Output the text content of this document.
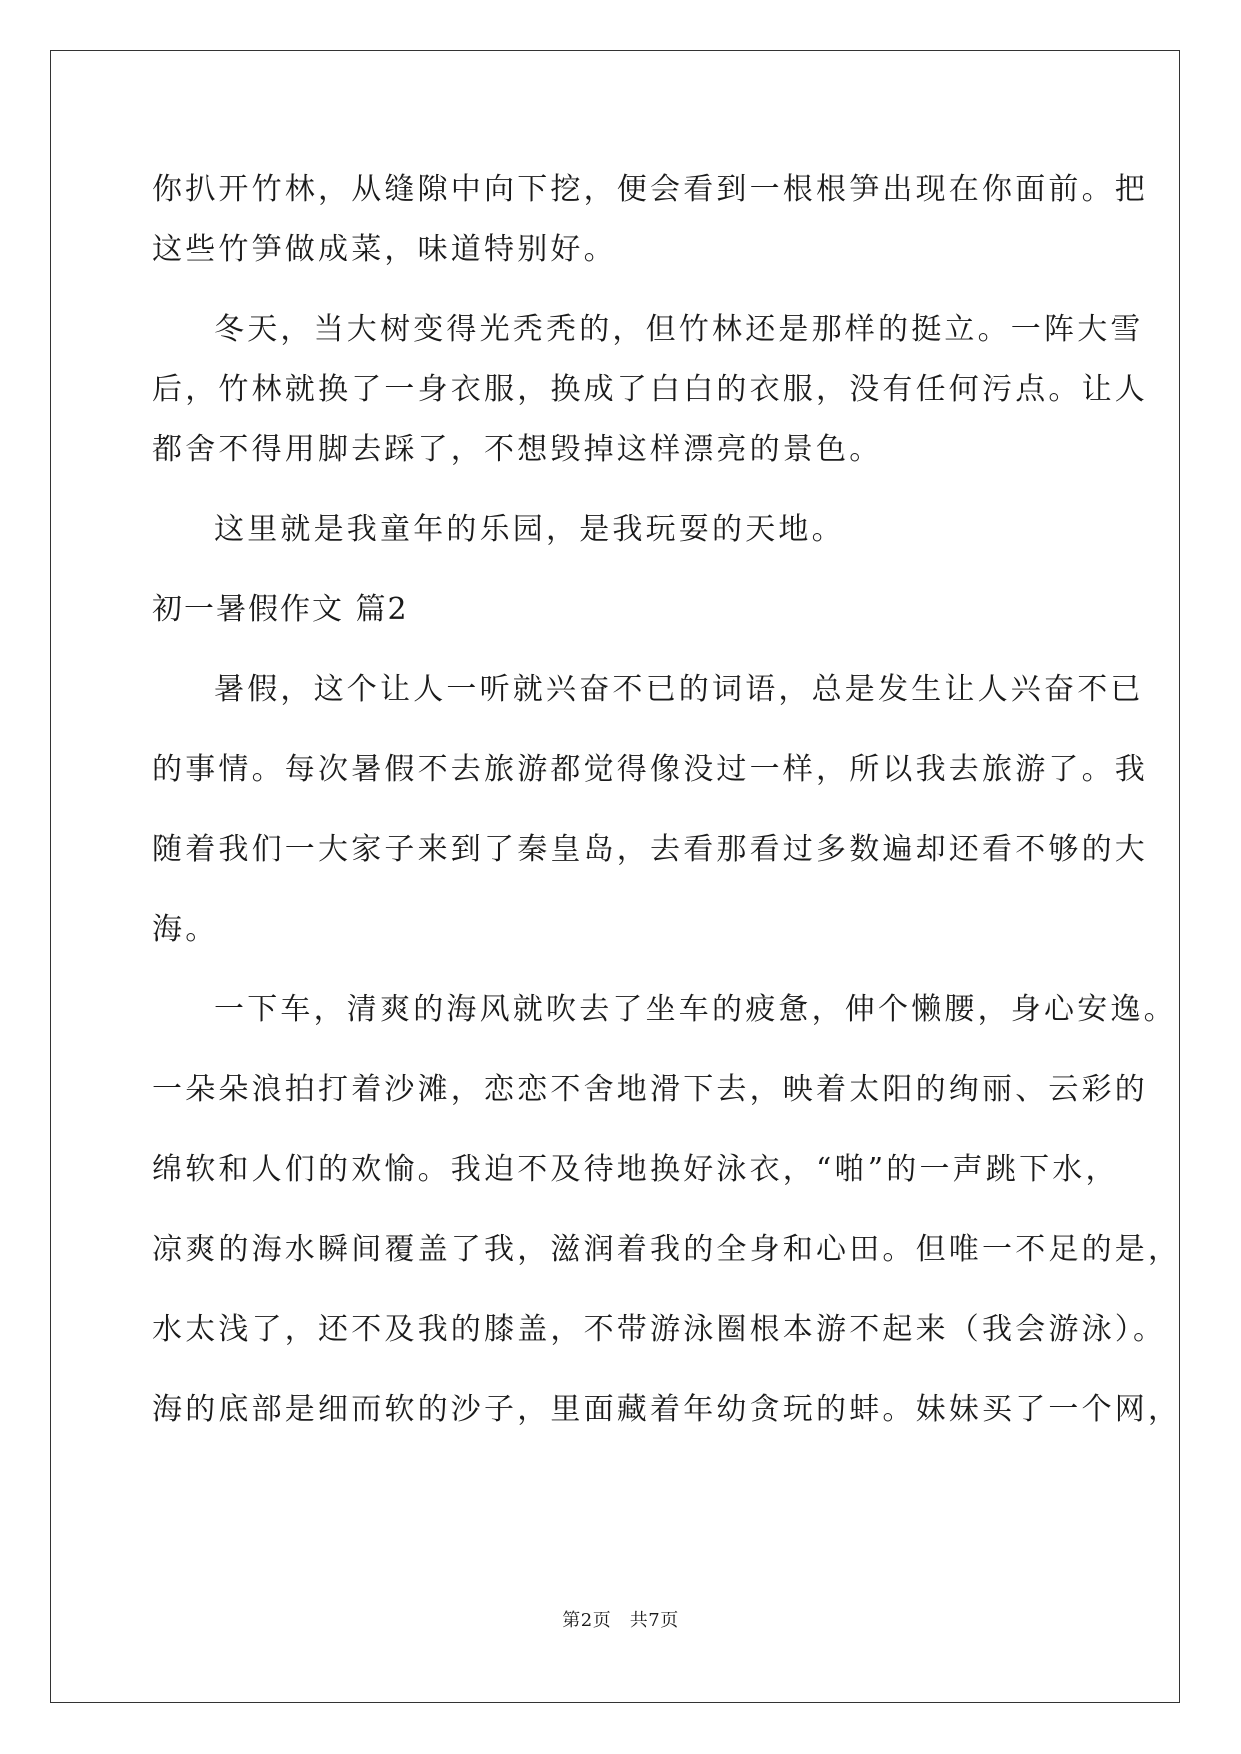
你扒开竹林，从缝隙中向下挖，便会看到一根根笋出现在你面前。把
这些竹笋做成菜，味道特别好。
冬天，当大树变得光秃秃的，但竹林还是那样的挺立。一阵大雪
后，竹林就换了一身衣服，换成了白白的衣服，没有任何污点。让人
都舍不得用脚去踩了，不想毁掉这样漂亮的景色。
这里就是我童年的乐园，是我玩耍的天地。
初一暑假作文 篇2
暑假，这个让人一听就兴奋不已的词语，总是发生让人兴奋不已
的事情。每次暑假不去旅游都觉得像没过一样，所以我去旅游了。我
随着我们一大家子来到了秦皇岛，去看那看过多数遍却还看不够的大
海。
一下车，清爽的海风就吹去了坐车的疲惫，伸个懒腰，身心安逸。
一朵朵浪拍打着沙滩，恋恋不舍地滑下去，映着太阳的绚丽、云彩的
绵软和人们的欢愉。我迫不及待地换好泳衣，“啪”的一声跳下水，
凉爽的海水瞬间覆盖了我，滋润着我的全身和心田。但唯一不足的是，
水太浅了，还不及我的膝盖，不带游泳圈根本游不起来（我会游泳）。
海的底部是细而软的沙子，里面藏着年幼贪玩的蚌。妹妹买了一个网，
第2页　共7页
